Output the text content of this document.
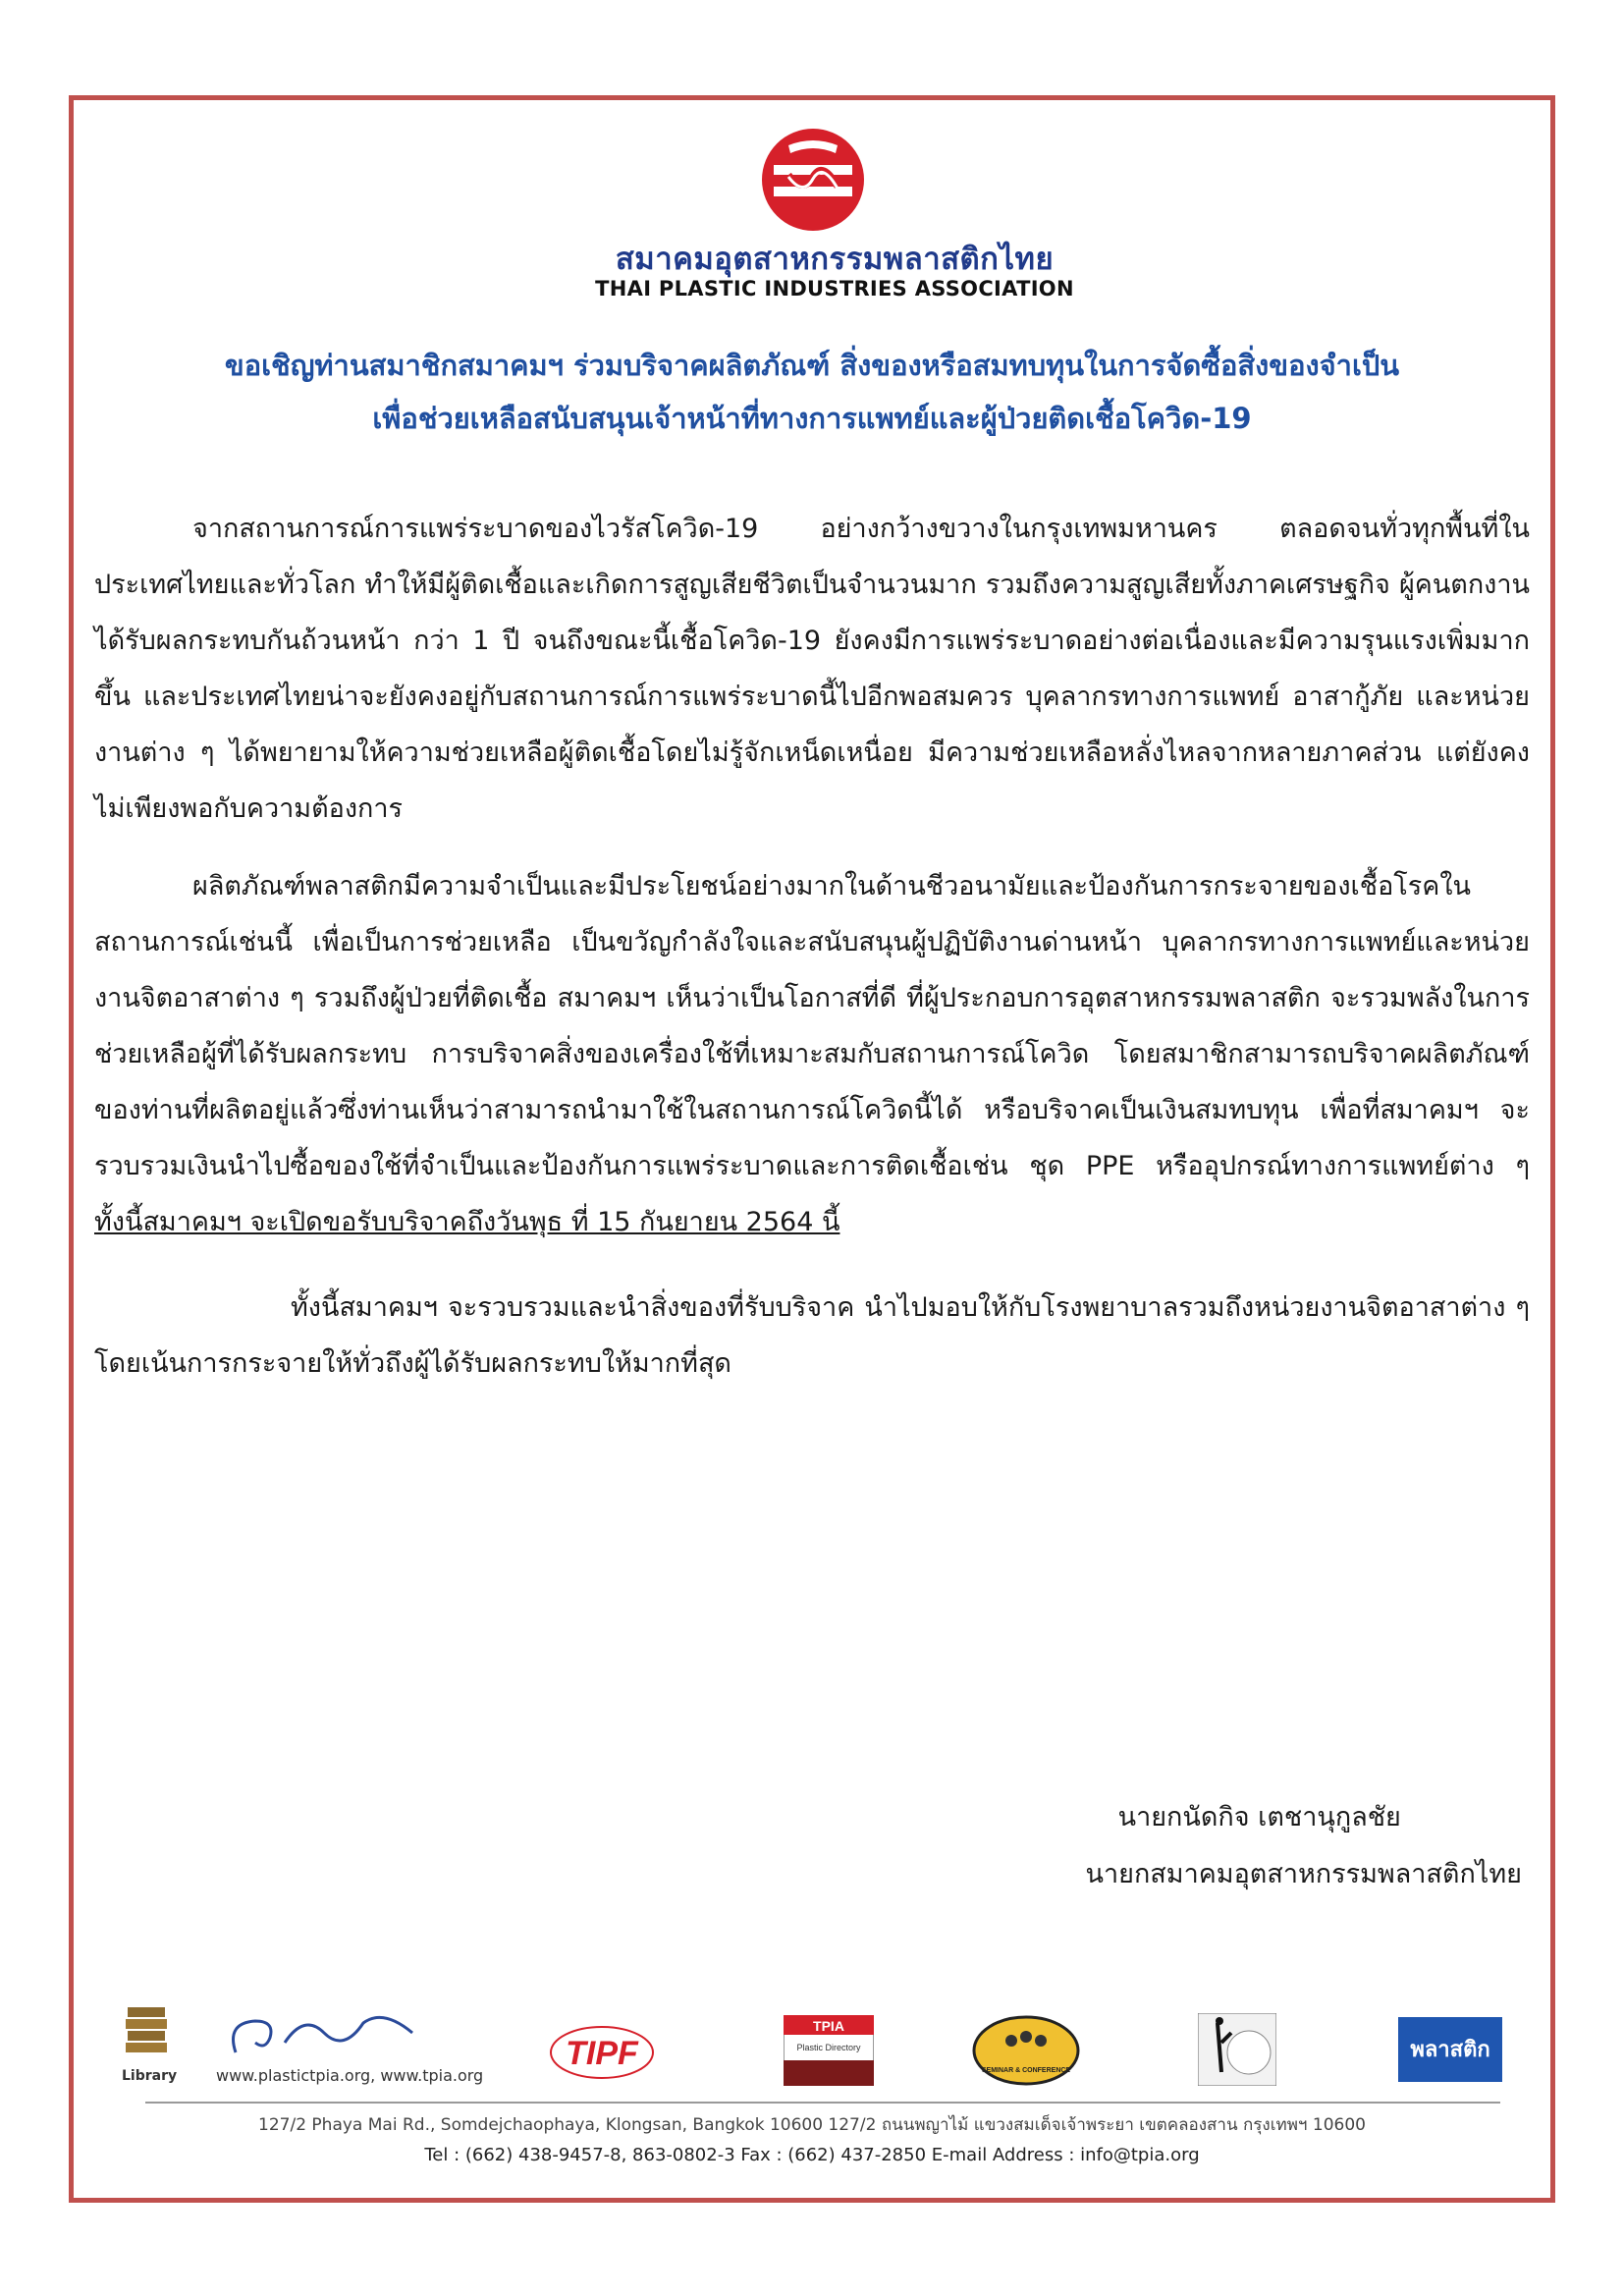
สมาคมอุตสาหกรรมพลาสติกไทย
THAI PLASTIC INDUSTRIES ASSOCIATION
ขอเชิญท่านสมาชิกสมาคมฯ ร่วมบริจาคผลิตภัณฑ์ สิ่งของหรือสมทบทุนในการจัดซื้อสิ่งของจำเป็น
เพื่อช่วยเหลือสนับสนุนเจ้าหน้าที่ทางการแพทย์และผู้ป่วยติดเชื้อโควิด-19

จากสถานการณ์การแพร่ระบาดของไวรัสโควิด-19 อย่างกว้างขวางในกรุงเทพมหานคร ตลอดจนทั่วทุกพื้นที่ในประเทศไทยและทั่วโลก ทำให้มีผู้ติดเชื้อและเกิดการสูญเสียชีวิตเป็นจำนวนมาก รวมถึงความสูญเสียทั้งภาคเศรษฐกิจ ผู้คนตกงานได้รับผลกระทบกันถ้วนหน้า กว่า 1 ปี จนถึงขณะนี้เชื้อโควิด-19 ยังคงมีการแพร่ระบาดอย่างต่อเนื่องและมีความรุนแรงเพิ่มมากขึ้น และประเทศไทยน่าจะยังคงอยู่กับสถานการณ์การแพร่ระบาดนี้ไปอีกพอสมควร บุคลากรทางการแพทย์ อาสากู้ภัย และหน่วยงานต่าง ๆ ได้พยายามให้ความช่วยเหลือผู้ติดเชื้อโดยไม่รู้จักเหน็ดเหนื่อย มีความช่วยเหลือหลั่งไหลจากหลายภาคส่วน แต่ยังคงไม่เพียงพอกับความต้องการ

ผลิตภัณฑ์พลาสติกมีความจำเป็นและมีประโยชน์อย่างมากในด้านชีวอนามัยและป้องกันการกระจายของเชื้อโรคในสถานการณ์เช่นนี้ เพื่อเป็นการช่วยเหลือ เป็นขวัญกำลังใจและสนับสนุนผู้ปฏิบัติงานด่านหน้า บุคลากรทางการแพทย์และหน่วยงานจิตอาสาต่าง ๆ รวมถึงผู้ป่วยที่ติดเชื้อ สมาคมฯ เห็นว่าเป็นโอกาสที่ดี ที่ผู้ประกอบการอุตสาหกรรมพลาสติก จะรวมพลังในการช่วยเหลือผู้ที่ได้รับผลกระทบ การบริจาคสิ่งของเครื่องใช้ที่เหมาะสมกับสถานการณ์โควิด โดยสมาชิกสามารถบริจาคผลิตภัณฑ์ของท่านที่ผลิตอยู่แล้วซึ่งท่านเห็นว่าสามารถนำมาใช้ในสถานการณ์โควิดนี้ได้ หรือบริจาคเป็นเงินสมทบทุน เพื่อที่สมาคมฯ จะรวบรวมเงินนำไปซื้อของใช้ที่จำเป็นและป้องกันการแพร่ระบาดและการติดเชื้อเช่น ชุด PPE หรืออุปกรณ์ทางการแพทย์ต่าง ๆ ทั้งนี้สมาคมฯ จะเปิดขอรับบริจาคถึงวันพุธ ที่ 15 กันยายน 2564 นี้

ทั้งนี้สมาคมฯ จะรวบรวมและนำสิ่งของที่รับบริจาค นำไปมอบให้กับโรงพยาบาลรวมถึงหน่วยงานจิตอาสาต่าง ๆ โดยเน้นการกระจายให้ทั่วถึงผู้ได้รับผลกระทบให้มากที่สุด

นายกนัดกิจ เตชานุกูลชัย
นายกสมาคมอุตสาหกรรมพลาสติกไทย
Library www.plastictpia.org, www.tpia.org
TIPF
TPIA
Plastic Directory
SEMINAR & CONFERENCE
พลาสติก
127/2 Phaya Mai Rd., Somdejchaophaya, Klongsan, Bangkok 10600 127/2 ถนนพญาไม้ แขวงสมเด็จเจ้าพระยา เขตคลองสาน กรุงเทพฯ 10600
Tel : (662) 438-9457-8, 863-0802-3 Fax : (662) 437-2850 E-mail Address : info@tpia.org
